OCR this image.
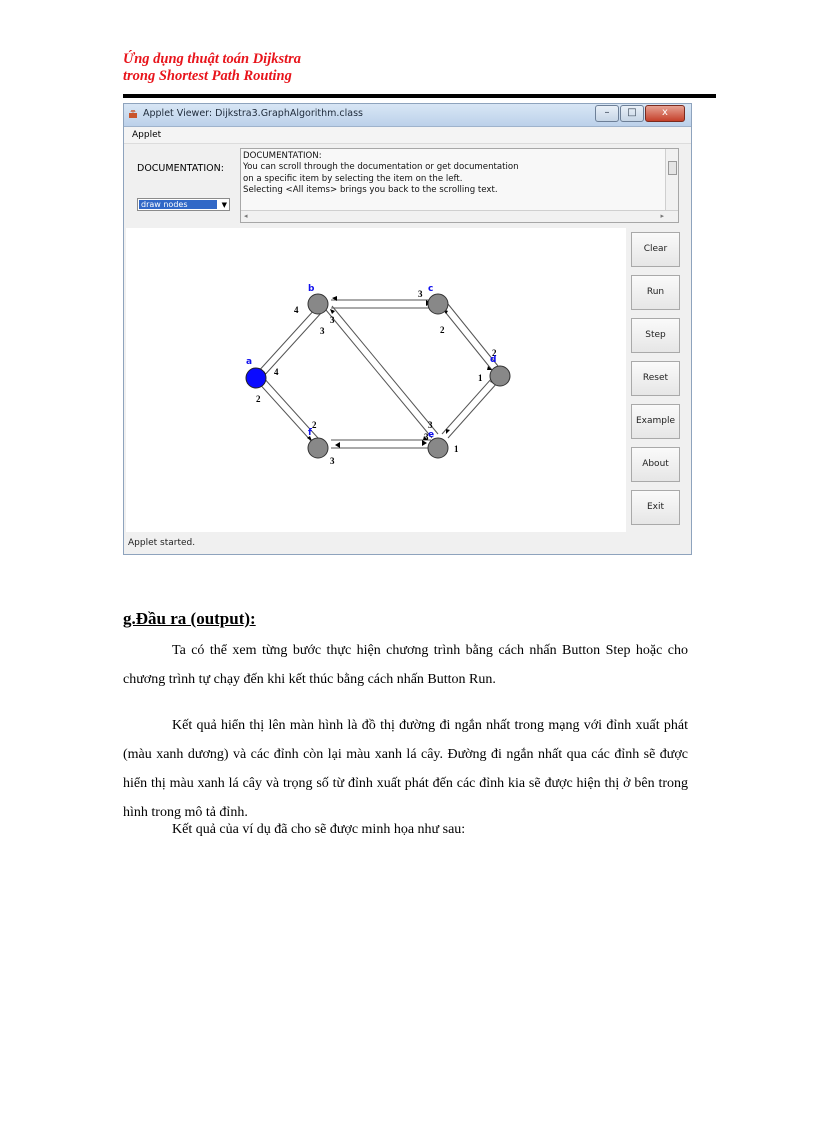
Ứng dụng thuật toán Dijkstra
trong Shortest Path Routing
Applet Viewer: Dijkstra3.GraphAlgorithm.class	–	□	x
Applet
DOCUMENTATION:
draw nodes	▼
DOCUMENTATION:
You can scroll through the documentation or get documentation
on a specific item by selecting the item on the left.
Selecting <All items> brings you back to the scrolling text.
◂	▸
4
4
2
2
3
3
3
3
2
2
1
1
3
3
a
b	c
d
e
f
Clear
Run
Step
Reset
Example
About
Exit
Applet started.
g.Đầu ra (output):
Ta có thể xem từng bước thực hiện chương trình bằng cách nhấn Button Step hoặc cho chương trình tự chạy đến khi kết thúc bằng cách nhấn Button Run.
Kết quả hiển thị lên màn hình là đồ thị đường đi ngắn nhất trong mạng với đỉnh xuất phát (màu xanh dương) và các đỉnh còn lại màu xanh lá cây. Đường đi ngắn nhất qua các đỉnh sẽ được hiển thị màu xanh lá cây và trọng số từ đỉnh xuất phát đến các đỉnh kia sẽ được hiện thị ở bên trong hình trong mô tả đỉnh.
Kết quả của ví dụ đã cho sẽ được minh họa như sau:
